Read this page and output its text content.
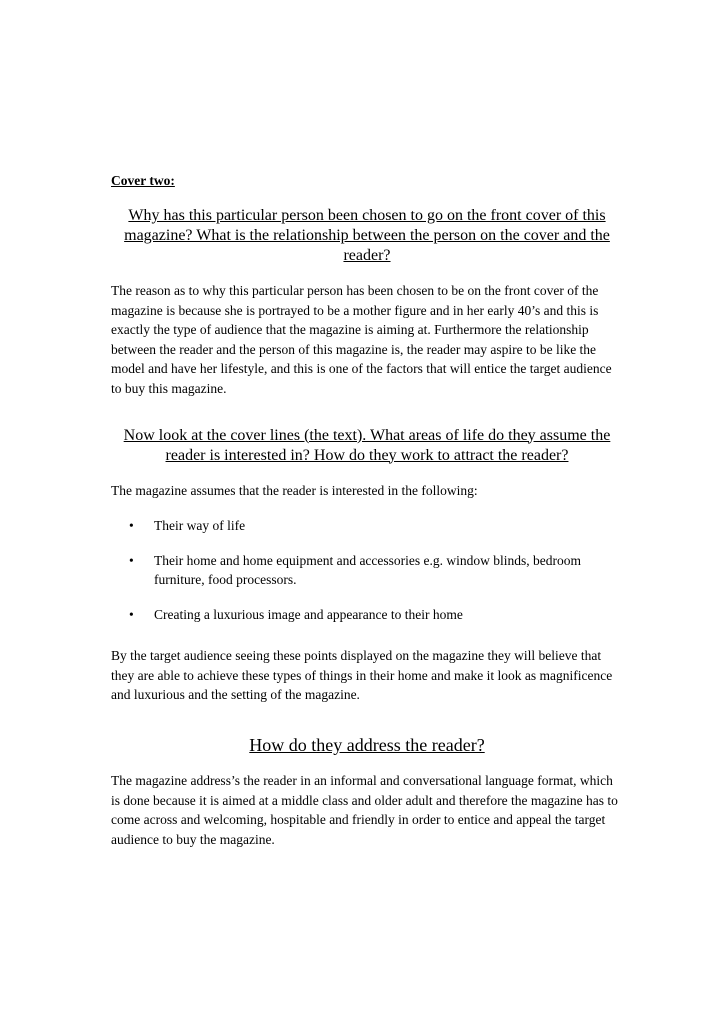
Cover two:

Why has this particular person been chosen to go on the front cover of this magazine? What is the relationship between the person on the cover and the reader?

The reason as to why this particular person has been chosen to be on the front cover of the magazine is because she is portrayed to be a mother figure and in her early 40’s and this is exactly the type of audience that the magazine is aiming at. Furthermore the relationship between the reader and the person of this magazine is, the reader may aspire to be like the model and have her lifestyle, and this is one of the factors that will entice the target audience to buy this magazine.

Now look at the cover lines (the text). What areas of life do they assume the reader is interested in? How do they work to attract the reader?

The magazine assumes that the reader is interested in the following:

• Their way of life
• Their home and home equipment and accessories e.g. window blinds, bedroom furniture, food processors.
• Creating a luxurious image and appearance to their home

By the target audience seeing these points displayed on the magazine they will believe that they are able to achieve these types of things in their home and make it look as magnificence and luxurious and the setting of the magazine.

How do they address the reader?

The magazine address’s the reader in an informal and conversational language format, which is done because it is aimed at a middle class and older adult and therefore the magazine has to come across and welcoming, hospitable and friendly in order to entice and appeal the target audience to buy the magazine.
